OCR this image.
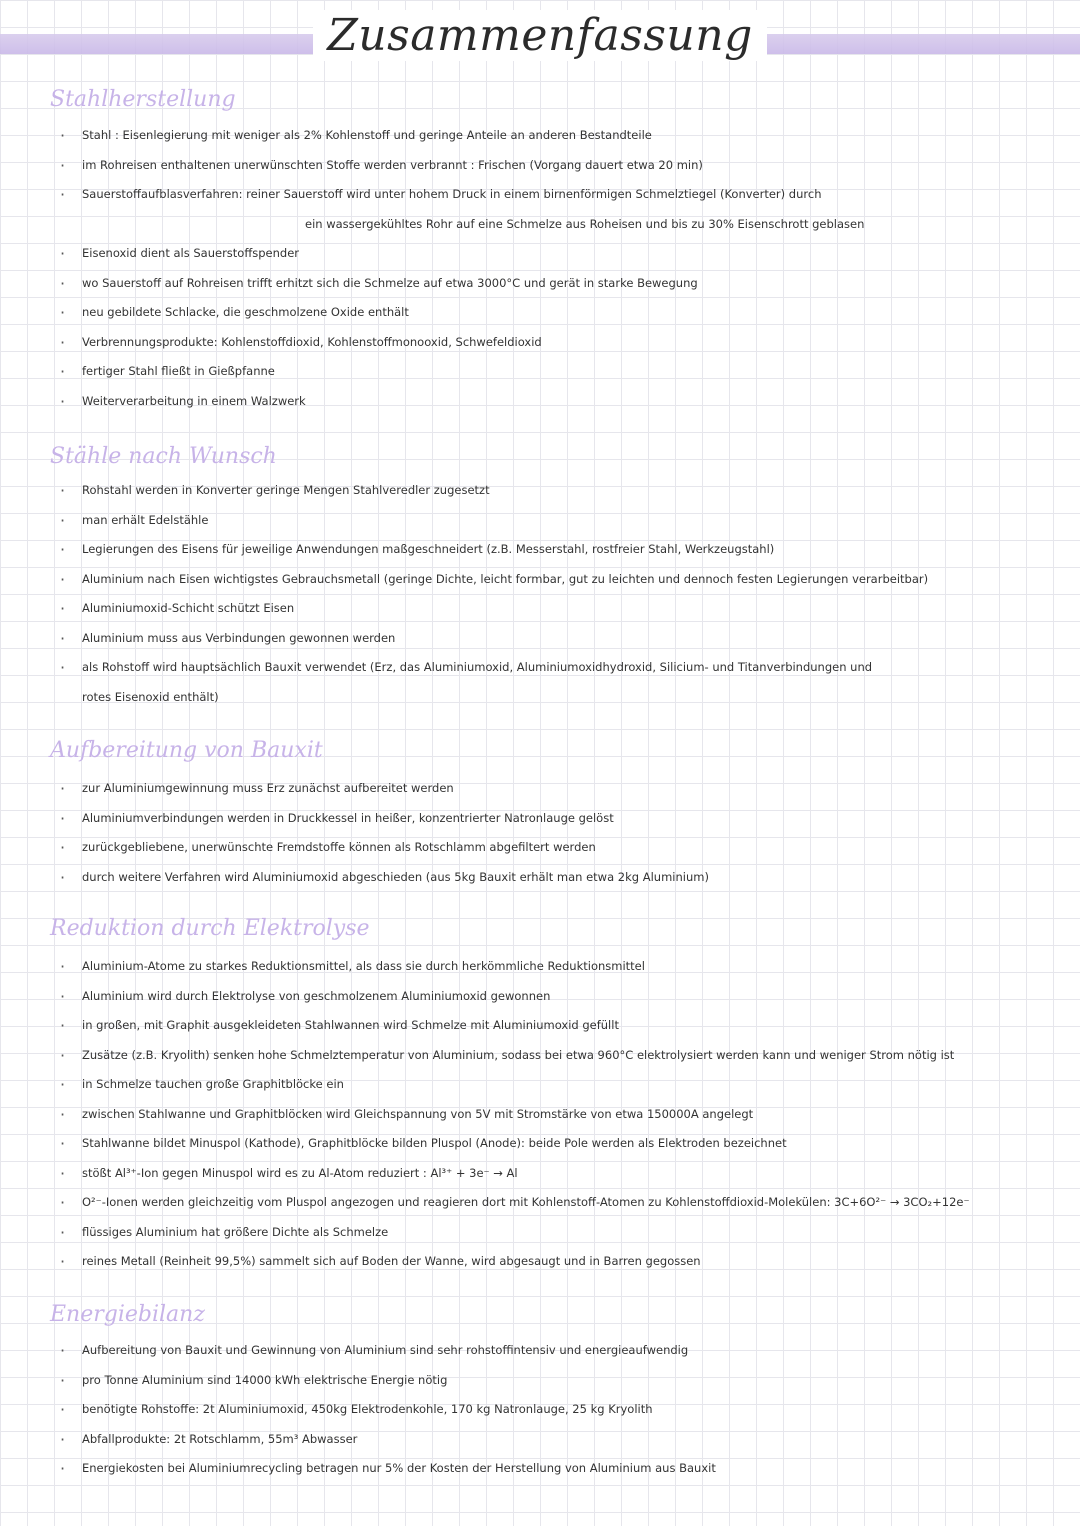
Zusammenfassung
Stahlherstellung
· Stahl : Eisenlegierung mit weniger als 2% Kohlenstoff und geringe Anteile an anderen Bestandteile
· im Rohreisen enthaltenen unerwünschten Stoffe werden verbrannt : Frischen (Vorgang dauert etwa 20 min)
· Sauerstoffaufblasverfahren: reiner Sauerstoff wird unter hohem Druck in einem birnenförmigen Schmelztiegel (Konverter) durch
ein wassergekühltes Rohr auf eine Schmelze aus Roheisen und bis zu 30% Eisenschrott geblasen
· Eisenoxid dient als Sauerstoffspender
· wo Sauerstoff auf Rohreisen trifft erhitzt sich die Schmelze auf etwa 3000°C und gerät in starke Bewegung
· neu gebildete Schlacke, die geschmolzene Oxide enthält
· Verbrennungsprodukte: Kohlenstoffdioxid, Kohlenstoffmonooxid, Schwefeldioxid
· fertiger Stahl fließt in Gießpfanne
· Weiterverarbeitung in einem Walzwerk
Stähle nach Wunsch
· Rohstahl werden in Konverter geringe Mengen Stahlveredler zugesetzt
· man erhält Edelstähle
· Legierungen des Eisens für jeweilige Anwendungen maßgeschneidert (z.B. Messerstahl, rostfreier Stahl, Werkzeugstahl)
· Aluminium nach Eisen wichtigstes Gebrauchsmetall (geringe Dichte, leicht formbar, gut zu leichten und dennoch festen Legierungen verarbeitbar)
· Aluminiumoxid-Schicht schützt Eisen
· Aluminium muss aus Verbindungen gewonnen werden
· als Rohstoff wird hauptsächlich Bauxit verwendet (Erz, das Aluminiumoxid, Aluminiumoxidhydroxid, Silicium- und Titanverbindungen und
rotes Eisenoxid enthält)
Aufbereitung von Bauxit
· zur Aluminiumgewinnung muss Erz zunächst aufbereitet werden
· Aluminiumverbindungen werden in Druckkessel in heißer, konzentrierter Natronlauge gelöst
· zurückgebliebene, unerwünschte Fremdstoffe können als Rotschlamm abgefiltert werden
· durch weitere Verfahren wird Aluminiumoxid abgeschieden (aus 5kg Bauxit erhält man etwa 2kg Aluminium)
Reduktion durch Elektrolyse
· Aluminium-Atome zu starkes Reduktionsmittel, als dass sie durch herkömmliche Reduktionsmittel
· Aluminium wird durch Elektrolyse von geschmolzenem Aluminiumoxid gewonnen
· in großen, mit Graphit ausgekleideten Stahlwannen wird Schmelze mit Aluminiumoxid gefüllt
· Zusätze (z.B. Kryolith) senken hohe Schmelztemperatur von Aluminium, sodass bei etwa 960°C elektrolysiert werden kann und weniger Strom nötig ist
· in Schmelze tauchen große Graphitblöcke ein
· zwischen Stahlwanne und Graphitblöcken wird Gleichspannung von 5V mit Stromstärke von etwa 150000A angelegt
· Stahlwanne bildet Minuspol (Kathode), Graphitblöcke bilden Pluspol (Anode): beide Pole werden als Elektroden bezeichnet
· stößt Al³⁺-Ion gegen Minuspol wird es zu Al-Atom reduziert : Al³⁺ + 3e⁻ → Al
· O²⁻-Ionen werden gleichzeitig vom Pluspol angezogen und reagieren dort mit Kohlenstoff-Atomen zu Kohlenstoffdioxid-Molekülen: 3C+6O²⁻ → 3CO₂+12e⁻
· flüssiges Aluminium hat größere Dichte als Schmelze
· reines Metall (Reinheit 99,5%) sammelt sich auf Boden der Wanne, wird abgesaugt und in Barren gegossen
Energiebilanz
· Aufbereitung von Bauxit und Gewinnung von Aluminium sind sehr rohstoffintensiv und energieaufwendig
· pro Tonne Aluminium sind 14000 kWh elektrische Energie nötig
· benötigte Rohstoffe: 2t Aluminiumoxid, 450kg Elektrodenkohle, 170 kg Natronlauge, 25 kg Kryolith
· Abfallprodukte: 2t Rotschlamm, 55m³ Abwasser
· Energiekosten bei Aluminiumrecycling betragen nur 5% der Kosten der Herstellung von Aluminium aus Bauxit
